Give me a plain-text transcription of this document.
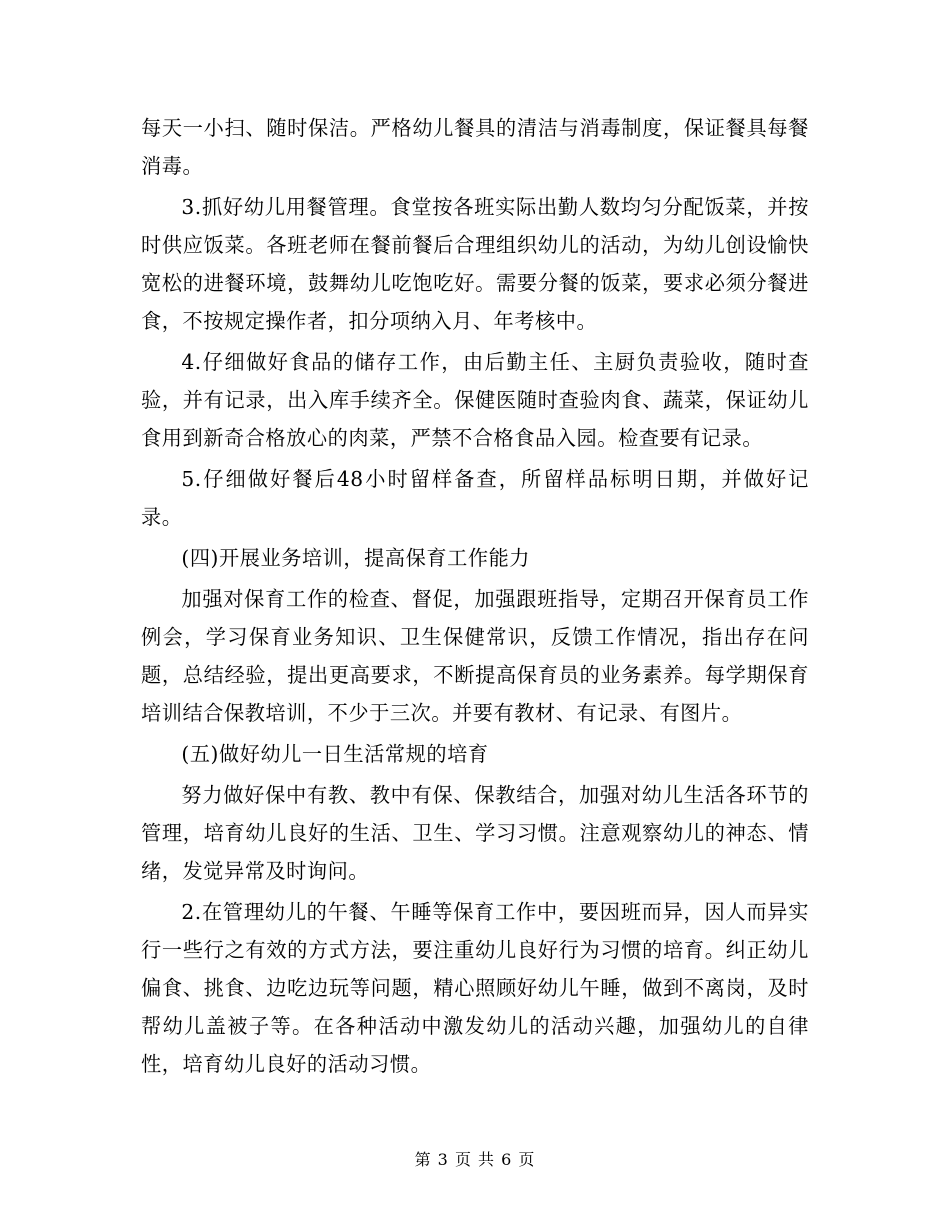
每天一小扫、随时保洁。严格幼儿餐具的清洁与消毒制度，保证餐具每餐消毒。

3.抓好幼儿用餐管理。食堂按各班实际出勤人数均匀分配饭菜，并按时供应饭菜。各班老师在餐前餐后合理组织幼儿的活动，为幼儿创设愉快宽松的进餐环境，鼓舞幼儿吃饱吃好。需要分餐的饭菜，要求必须分餐进食，不按规定操作者，扣分项纳入月、年考核中。

4.仔细做好食品的储存工作，由后勤主任、主厨负责验收，随时查验，并有记录，出入库手续齐全。保健医随时查验肉食、蔬菜，保证幼儿食用到新奇合格放心的肉菜，严禁不合格食品入园。检查要有记录。

5.仔细做好餐后48小时留样备查，所留样品标明日期，并做好记录。

(四)开展业务培训，提高保育工作能力

加强对保育工作的检查、督促，加强跟班指导，定期召开保育员工作例会，学习保育业务知识、卫生保健常识，反馈工作情况，指出存在问题，总结经验，提出更高要求，不断提高保育员的业务素养。每学期保育培训结合保教培训，不少于三次。并要有教材、有记录、有图片。

(五)做好幼儿一日生活常规的培育

努力做好保中有教、教中有保、保教结合，加强对幼儿生活各环节的管理，培育幼儿良好的生活、卫生、学习习惯。注意观察幼儿的神态、情绪，发觉异常及时询问。

2.在管理幼儿的午餐、午睡等保育工作中，要因班而异，因人而异实行一些行之有效的方式方法，要注重幼儿良好行为习惯的培育。纠正幼儿偏食、挑食、边吃边玩等问题，精心照顾好幼儿午睡，做到不离岗，及时帮幼儿盖被子等。在各种活动中激发幼儿的活动兴趣，加强幼儿的自律性，培育幼儿良好的活动习惯。

第 3 页 共 6 页
